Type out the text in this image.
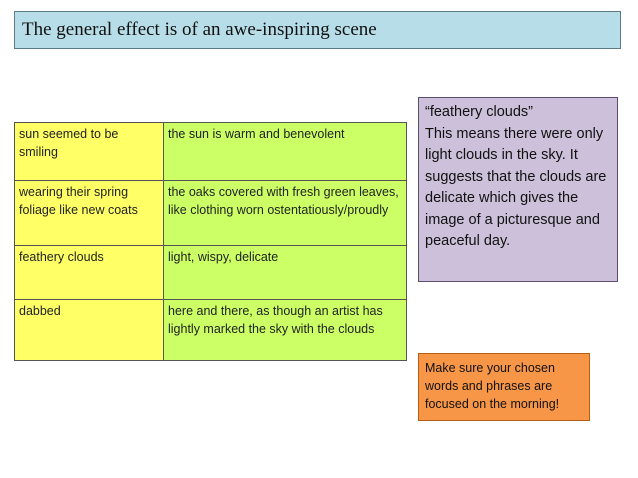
The general effect is of an awe-inspiring scene
sun seemed to be smiling	the sun is warm and benevolent
wearing their spring foliage like new coats	the oaks covered with fresh green leaves, like clothing worn ostentatiously/proudly
feathery clouds	light, wispy, delicate
dabbed	here and there, as though an artist has lightly marked the sky with the clouds
“feathery clouds”
This means there were only light clouds in the sky. It suggests that the clouds are delicate which gives the image of a picturesque and peaceful day.
Make sure your chosen words and phrases are focused on the morning!
